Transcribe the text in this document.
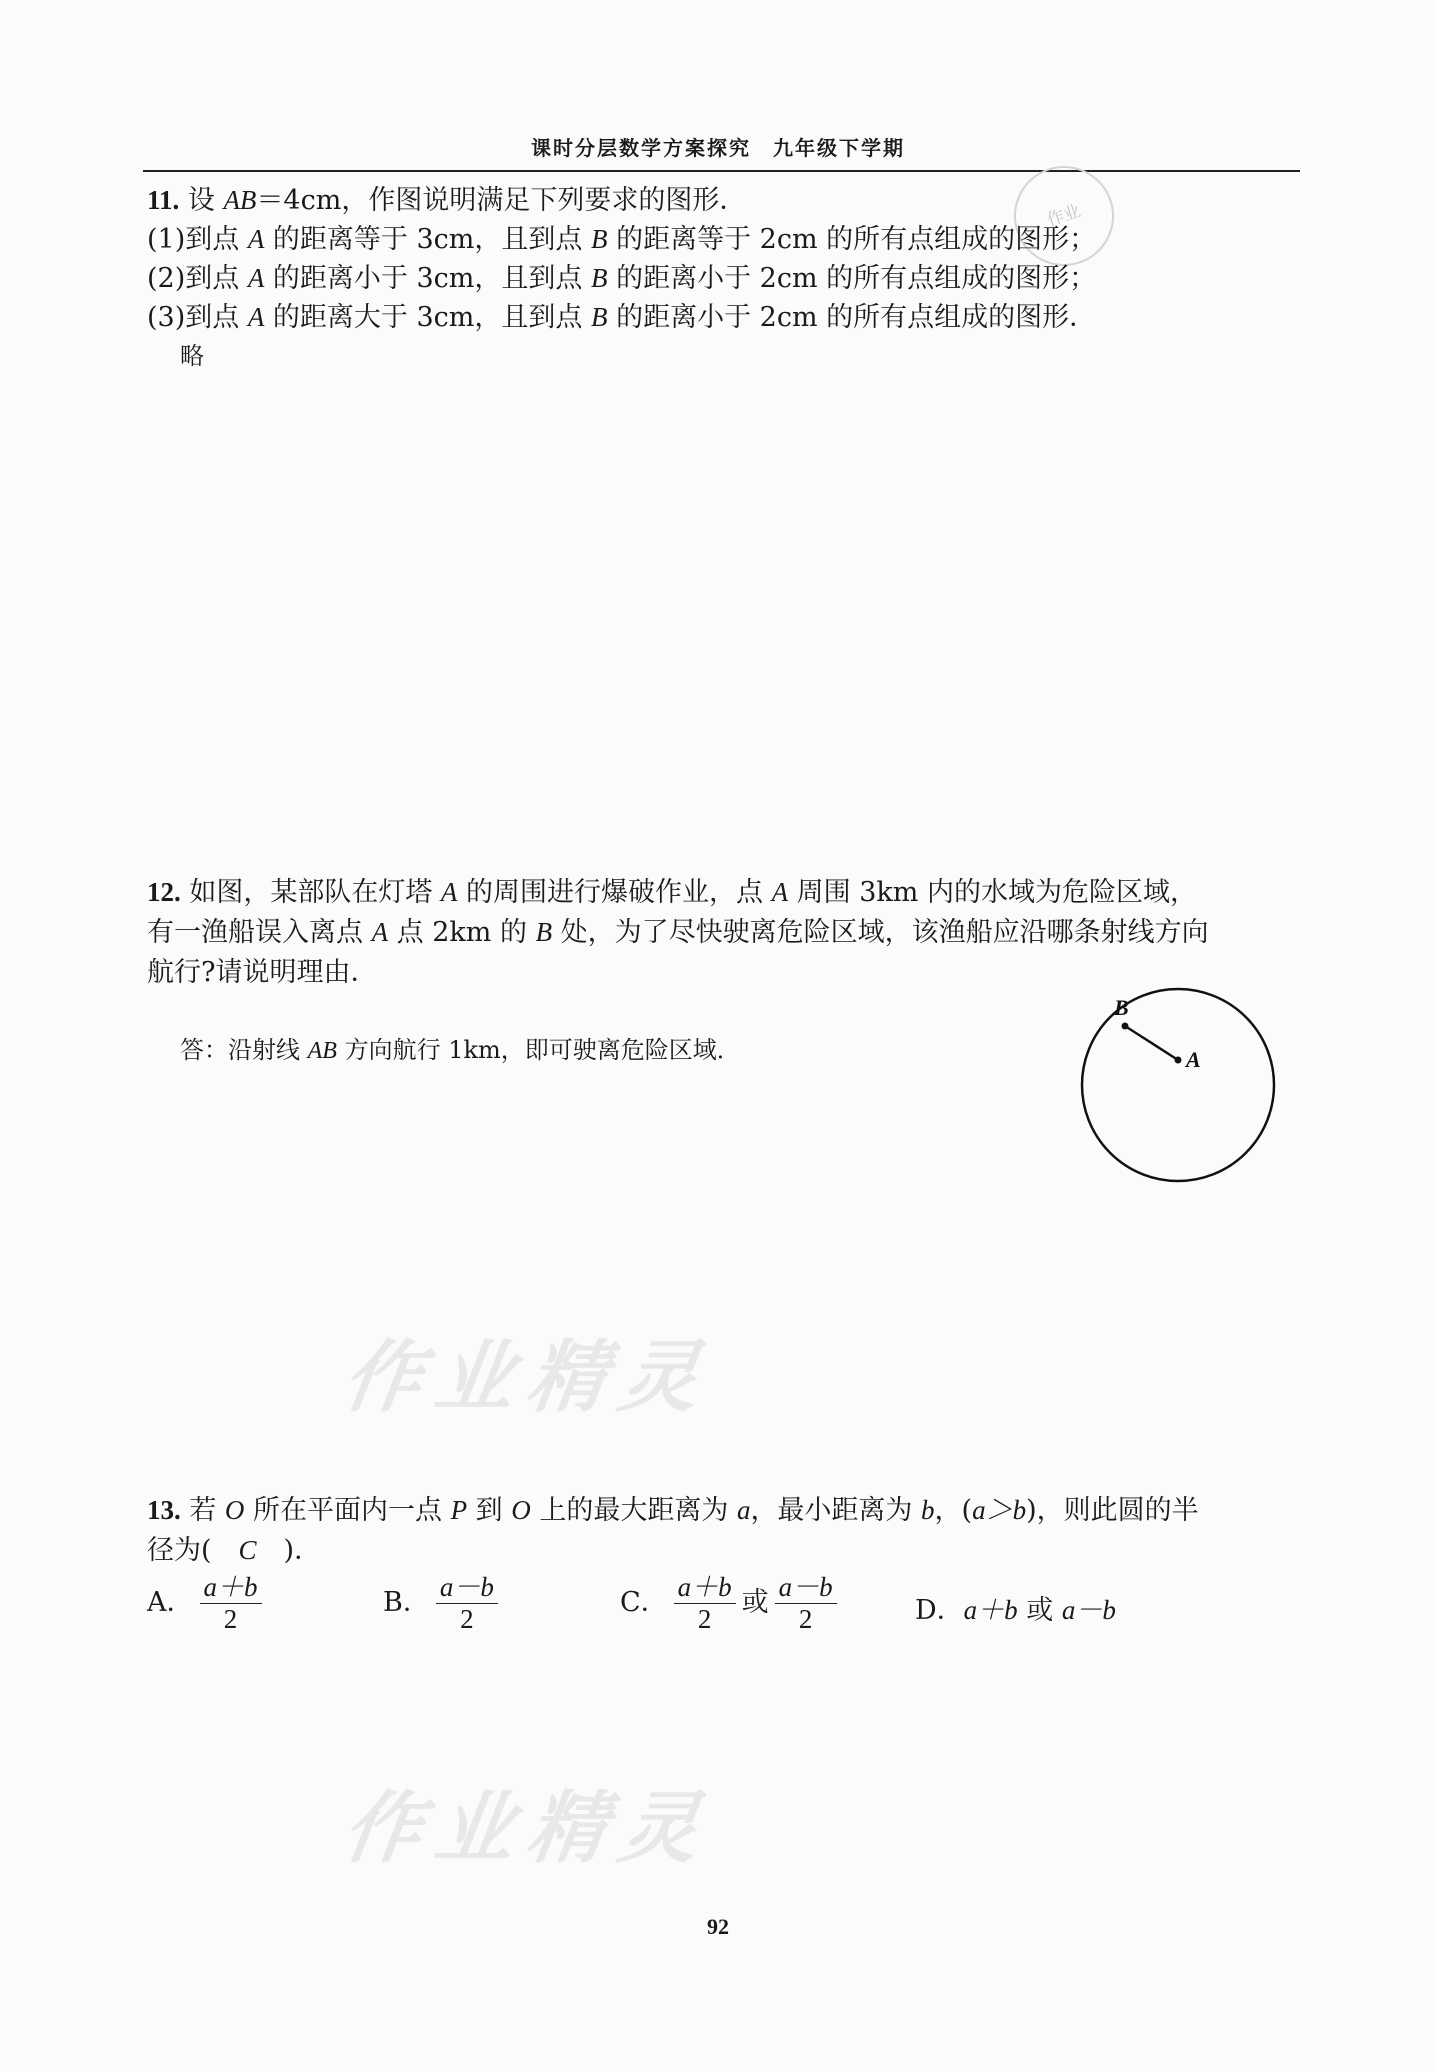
课时分层数学方案探究　九年级下学期
作业
11. 设 AB＝4cm，作图说明满足下列要求的图形．
(1)到点 A 的距离等于 3cm，且到点 B 的距离等于 2cm 的所有点组成的图形；
(2)到点 A 的距离小于 3cm，且到点 B 的距离小于 2cm 的所有点组成的图形；
(3)到点 A 的距离大于 3cm，且到点 B 的距离小于 2cm 的所有点组成的图形．
略
12. 如图，某部队在灯塔 A 的周围进行爆破作业，点 A 周围 3km 内的水域为危险区域，
有一渔船误入离点 A 点 2km 的 B 处，为了尽快驶离危险区域，该渔船应沿哪条射线方向
航行?请说明理由．
答：沿射线 AB 方向航行 1km，即可驶离危险区域．
B
A
作业精灵
13. 若 O 所在平面内一点 P 到 O 上的最大距离为 a，最小距离为 b，(a＞b)，则此圆的半
径为(　C　)．
A． $\frac{a+b}{2}$	B． $\frac{a-b}{2}$	C． $\frac{a+b}{2}$ 或 $\frac{a-b}{2}$	D．a＋b 或 a－b
作业精灵
92
